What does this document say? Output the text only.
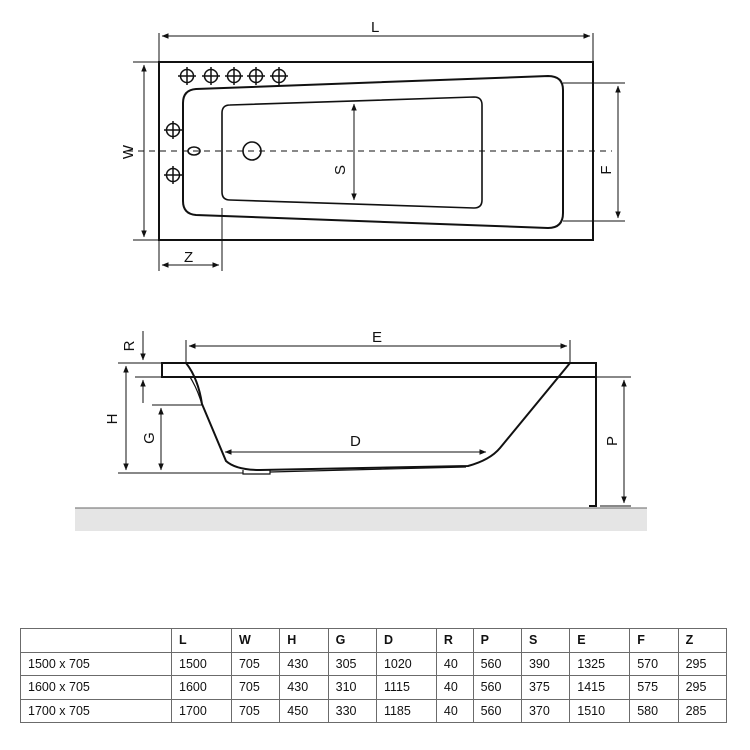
L
W
Z
S	F
R
H
G	D
E
P
	L	W	H	G	D	R	P	S	E	F	Z
1500 x 705	1500	705	430	305	1020	40	560	390	1325	570	295
1600 x 705	1600	705	430	310	1115	40	560	375	1415	575	295
1700 x 705	1700	705	450	330	1185	40	560	370	1510	580	285
